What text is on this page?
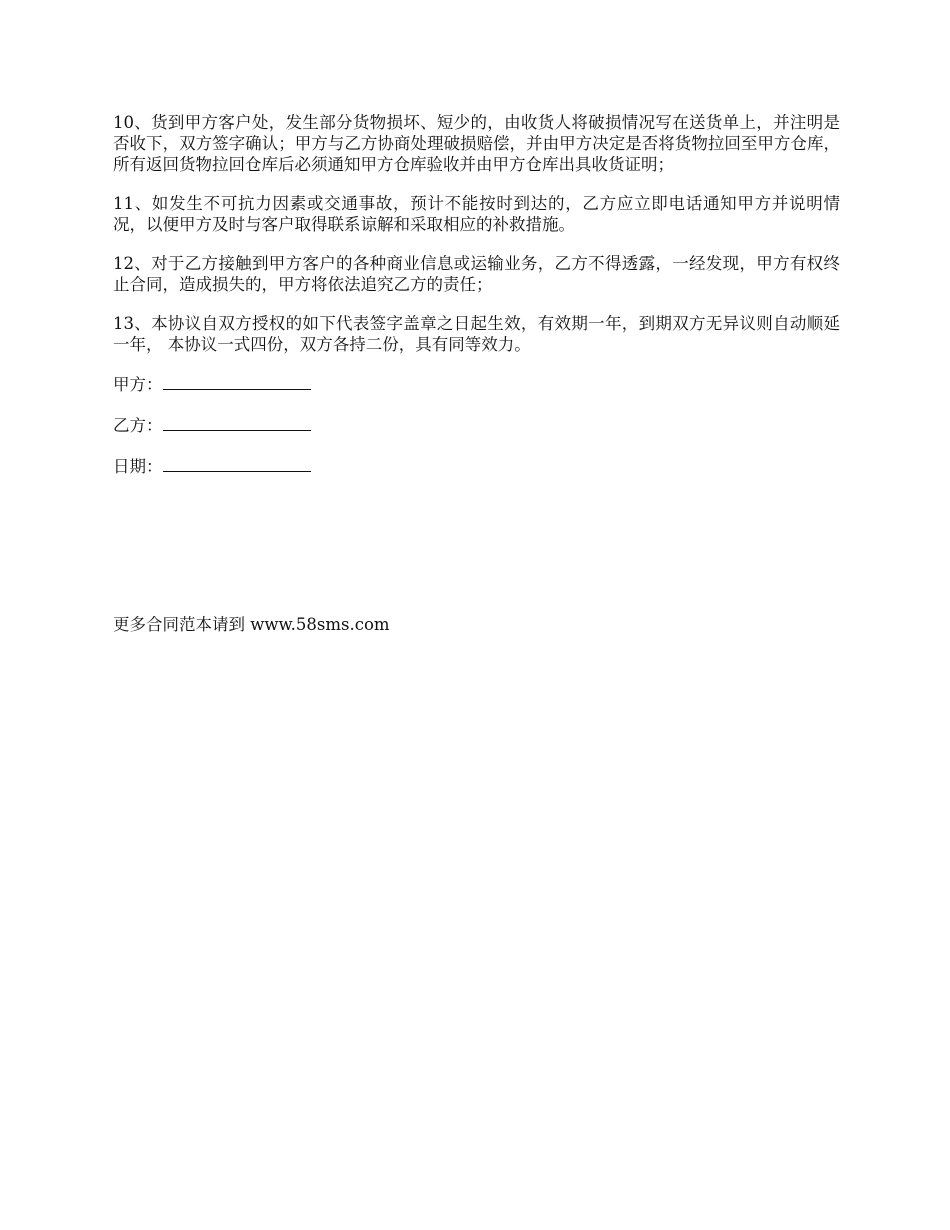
10、货到甲方客户处，发生部分货物损坏、短少的，由收货人将破损情况写在送货单上，并注明是否收下，双方签字确认；甲方与乙方协商处理破损赔偿，并由甲方决定是否将货物拉回至甲方仓库，所有返回货物拉回仓库后必须通知甲方仓库验收并由甲方仓库出具收货证明；

11、如发生不可抗力因素或交通事故，预计不能按时到达的，乙方应立即电话通知甲方并说明情况，以便甲方及时与客户取得联系谅解和采取相应的补救措施。

12、对于乙方接触到甲方客户的各种商业信息或运输业务，乙方不得透露，一经发现，甲方有权终止合同，造成损失的，甲方将依法追究乙方的责任；

13、本协议自双方授权的如下代表签字盖章之日起生效，有效期一年，到期双方无异议则自动顺延一年， 本协议一式四份，双方各持二份，具有同等效力。

甲方：
乙方：
日期：
更多合同范本请到 www.58sms.com
